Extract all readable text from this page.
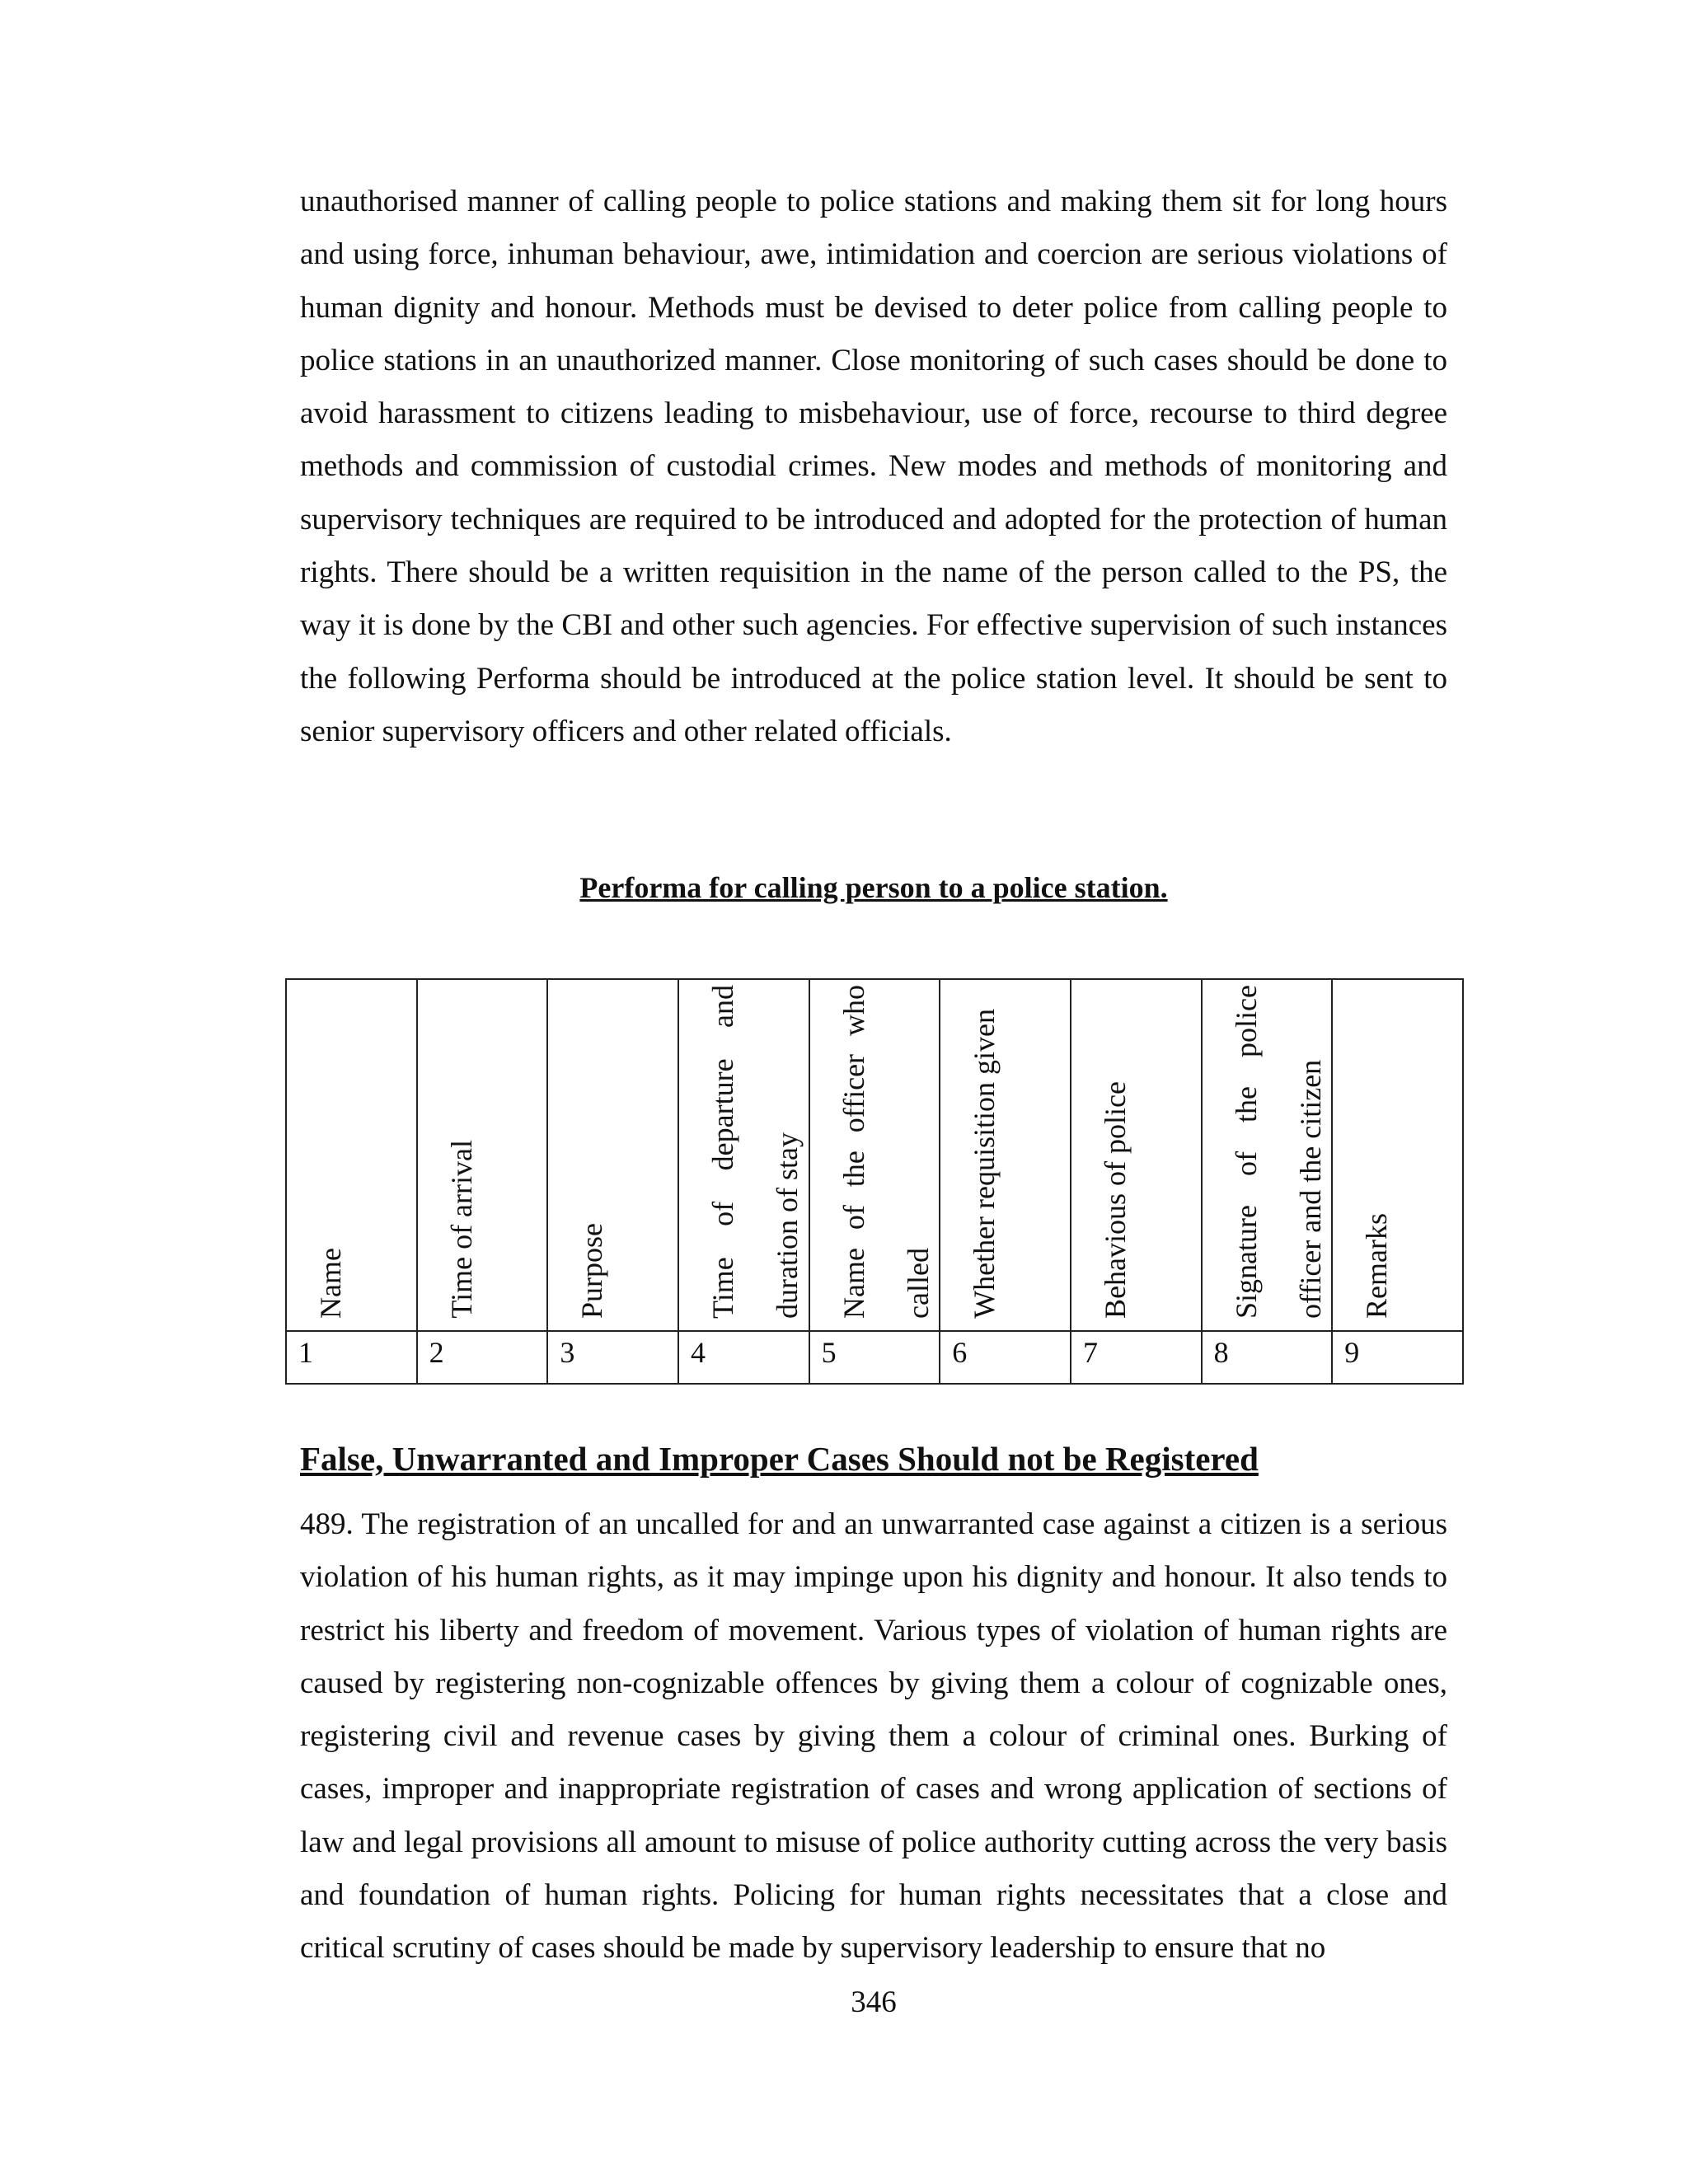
unauthorised manner of calling people to police stations and making them sit for long hours and using force, inhuman behaviour, awe, intimidation and coercion are serious violations of human dignity and honour. Methods must be devised to deter police from calling people to police stations in an unauthorized manner. Close monitoring of such cases should be done to avoid harassment to citizens leading to misbehaviour, use of force, recourse to third degree methods and commission of custodial crimes. New modes and methods of monitoring and supervisory techniques are required to be introduced and adopted for the protection of human rights. There should be a written requisition in the name of the person called to the PS, the way it is done by the CBI and other such agencies. For effective supervision of such instances the following Performa should be introduced at the police station level. It should be sent to senior supervisory officers and other related officials.

Performa for calling person to a police station.
Name	Time of arrival	Purpose	Time of departure and duration of stay	Name of the officer who called	Whether requisition given	Behavious of police	Signature of the police officer and the citizen	Remarks

1	2	3	4	5	6	7	8	9
False, Unwarranted and Improper Cases Should not be Registered

489. The registration of an uncalled for and an unwarranted case against a citizen is a serious violation of his human rights, as it may impinge upon his dignity and honour. It also tends to restrict his liberty and freedom of movement. Various types of violation of human rights are caused by registering non-cognizable offences by giving them a colour of cognizable ones, registering civil and revenue cases by giving them a colour of criminal ones. Burking of cases, improper and inappropriate registration of cases and wrong application of sections of law and legal provisions all amount to misuse of police authority cutting across the very basis and foundation of human rights. Policing for human rights necessitates that a close and critical scrutiny of cases should be made by supervisory leadership to ensure that no

346
